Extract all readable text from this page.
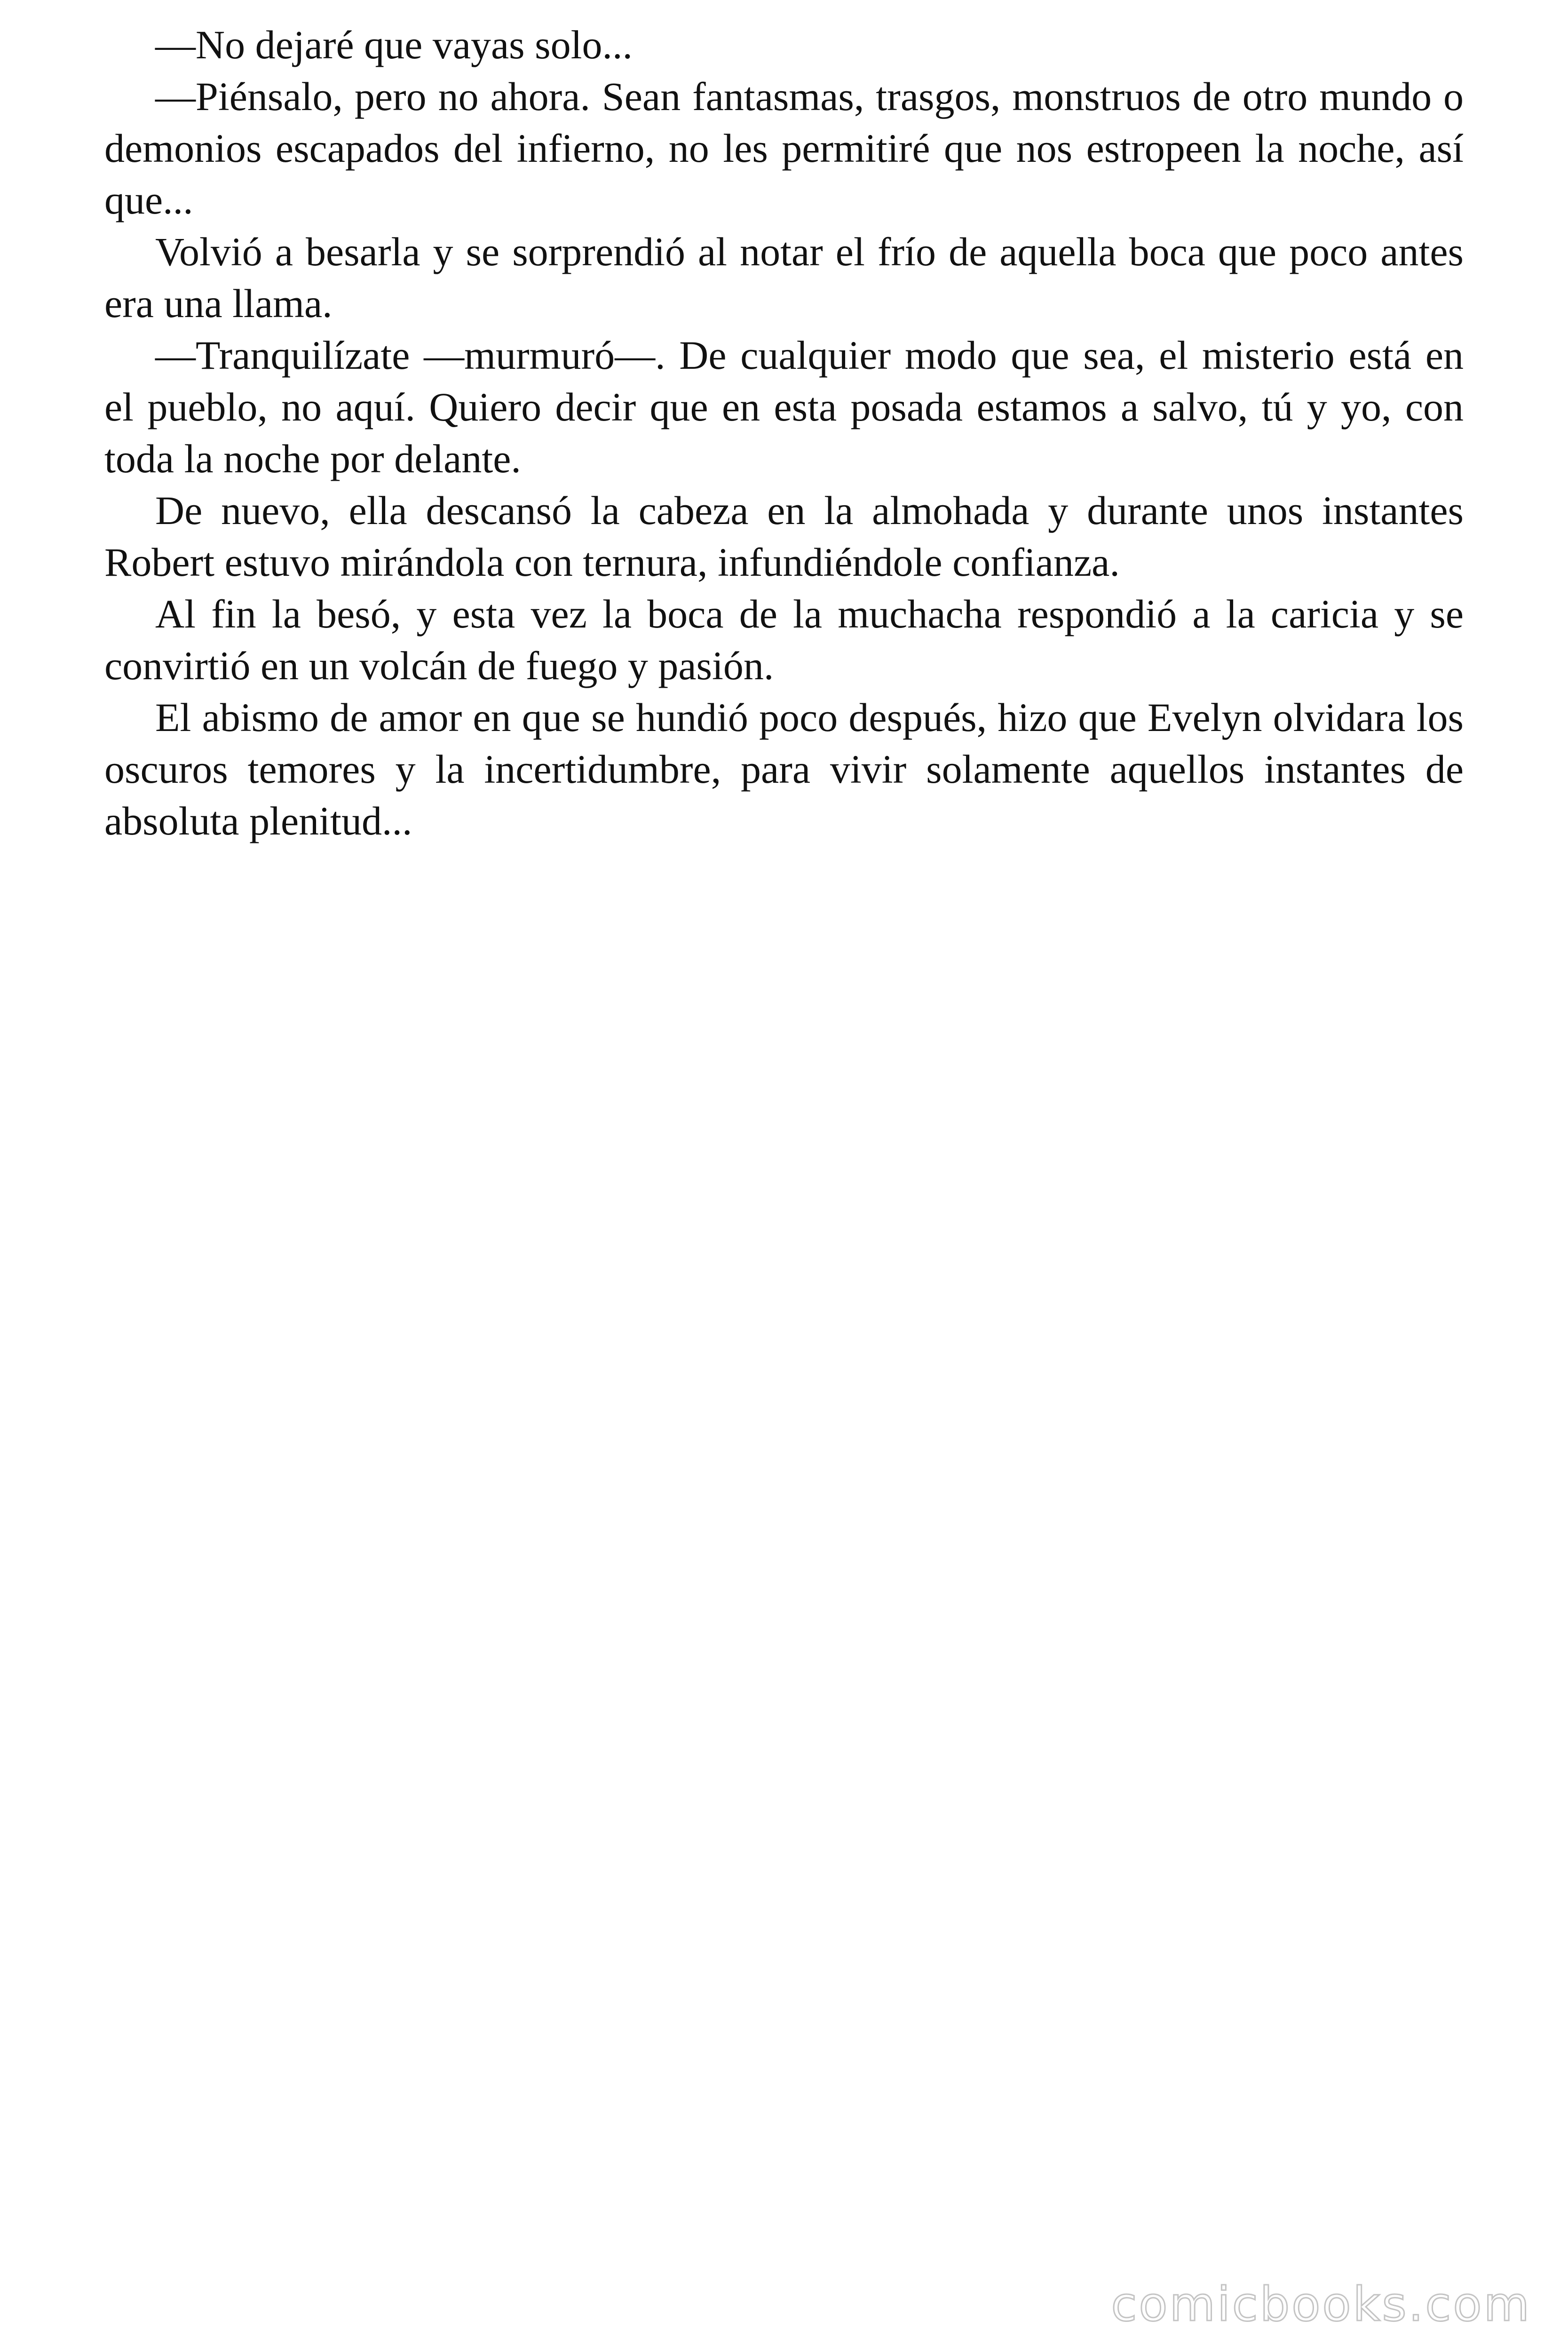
—No dejaré que vayas solo...

—Piénsalo, pero no ahora. Sean fantasmas, trasgos, monstruos de otro mundo o demonios escapados del infierno, no les permitiré que nos estropeen la noche, así que...

Volvió a besarla y se sorprendió al notar el frío de aquella boca que poco antes era una llama.

—Tranquilízate —murmuró—. De cualquier modo que sea, el misterio está en el pueblo, no aquí. Quiero decir que en esta posada estamos a salvo, tú y yo, con toda la noche por delante.

De nuevo, ella descansó la cabeza en la almohada y durante unos instantes Robert estuvo mirándola con ternura, infundiéndole confianza.

Al fin la besó, y esta vez la boca de la muchacha respondió a la caricia y se convirtió en un volcán de fuego y pasión.

El abismo de amor en que se hundió poco después, hizo que Evelyn olvidara los oscuros temores y la incertidumbre, para vivir solamente aquellos instantes de absoluta plenitud...

comicbooks.com
